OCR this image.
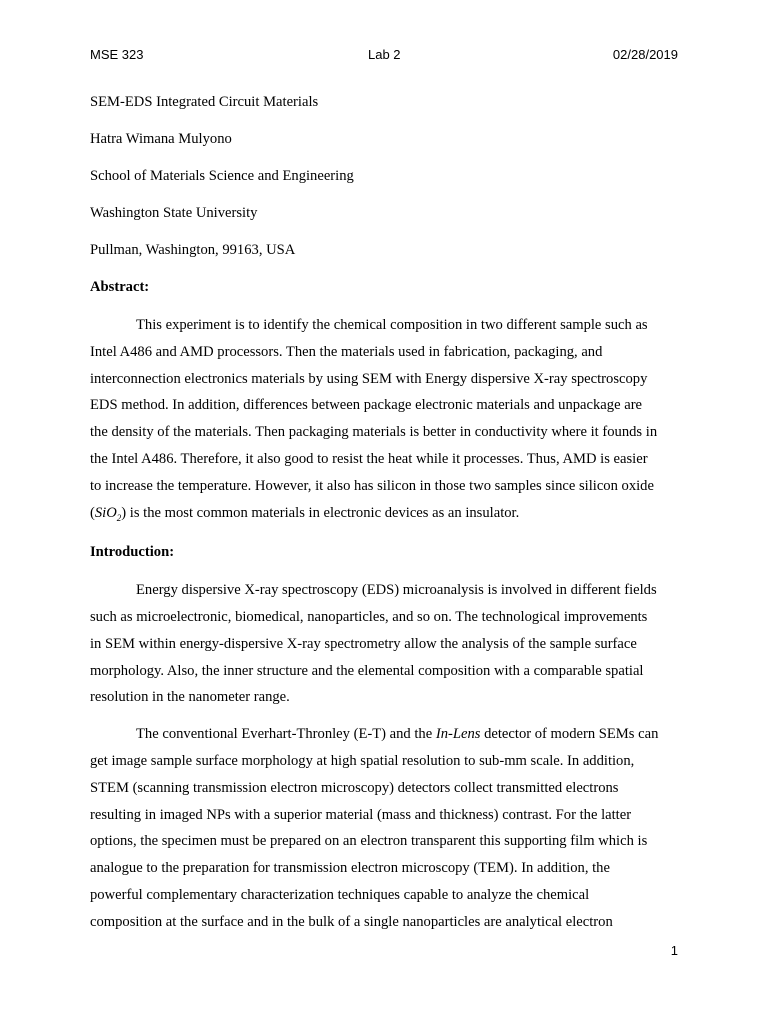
MSE 323	Lab 2	02/28/2019
SEM-EDS Integrated Circuit Materials
Hatra Wimana Mulyono
School of Materials Science and Engineering
Washington State University
Pullman, Washington, 99163, USA
Abstract:
This experiment is to identify the chemical composition in two different sample such as
Intel A486 and AMD processors. Then the materials used in fabrication, packaging, and
interconnection electronics materials by using SEM with Energy dispersive X-ray spectroscopy
EDS method. In addition, differences between package electronic materials and unpackage are
the density of the materials. Then packaging materials is better in conductivity where it founds in
the Intel A486. Therefore, it also good to resist the heat while it processes. Thus, AMD is easier
to increase the temperature. However, it also has silicon in those two samples since silicon oxide
(SiO$_2$) is the most common materials in electronic devices as an insulator.
Introduction:
Energy dispersive X-ray spectroscopy (EDS) microanalysis is involved in different fields
such as microelectronic, biomedical, nanoparticles, and so on. The technological improvements
in SEM within energy-dispersive X-ray spectrometry allow the analysis of the sample surface
morphology. Also, the inner structure and the elemental composition with a comparable spatial
resolution in the nanometer range.
The conventional Everhart-Thronley (E-T) and the In-Lens detector of modern SEMs can
get image sample surface morphology at high spatial resolution to sub-mm scale. In addition,
STEM (scanning transmission electron microscopy) detectors collect transmitted electrons
resulting in imaged NPs with a superior material (mass and thickness) contrast. For the latter
options, the specimen must be prepared on an electron transparent this supporting film which is
analogue to the preparation for transmission electron microscopy (TEM). In addition, the
powerful complementary characterization techniques capable to analyze the chemical
composition at the surface and in the bulk of a single nanoparticles are analytical electron
1
